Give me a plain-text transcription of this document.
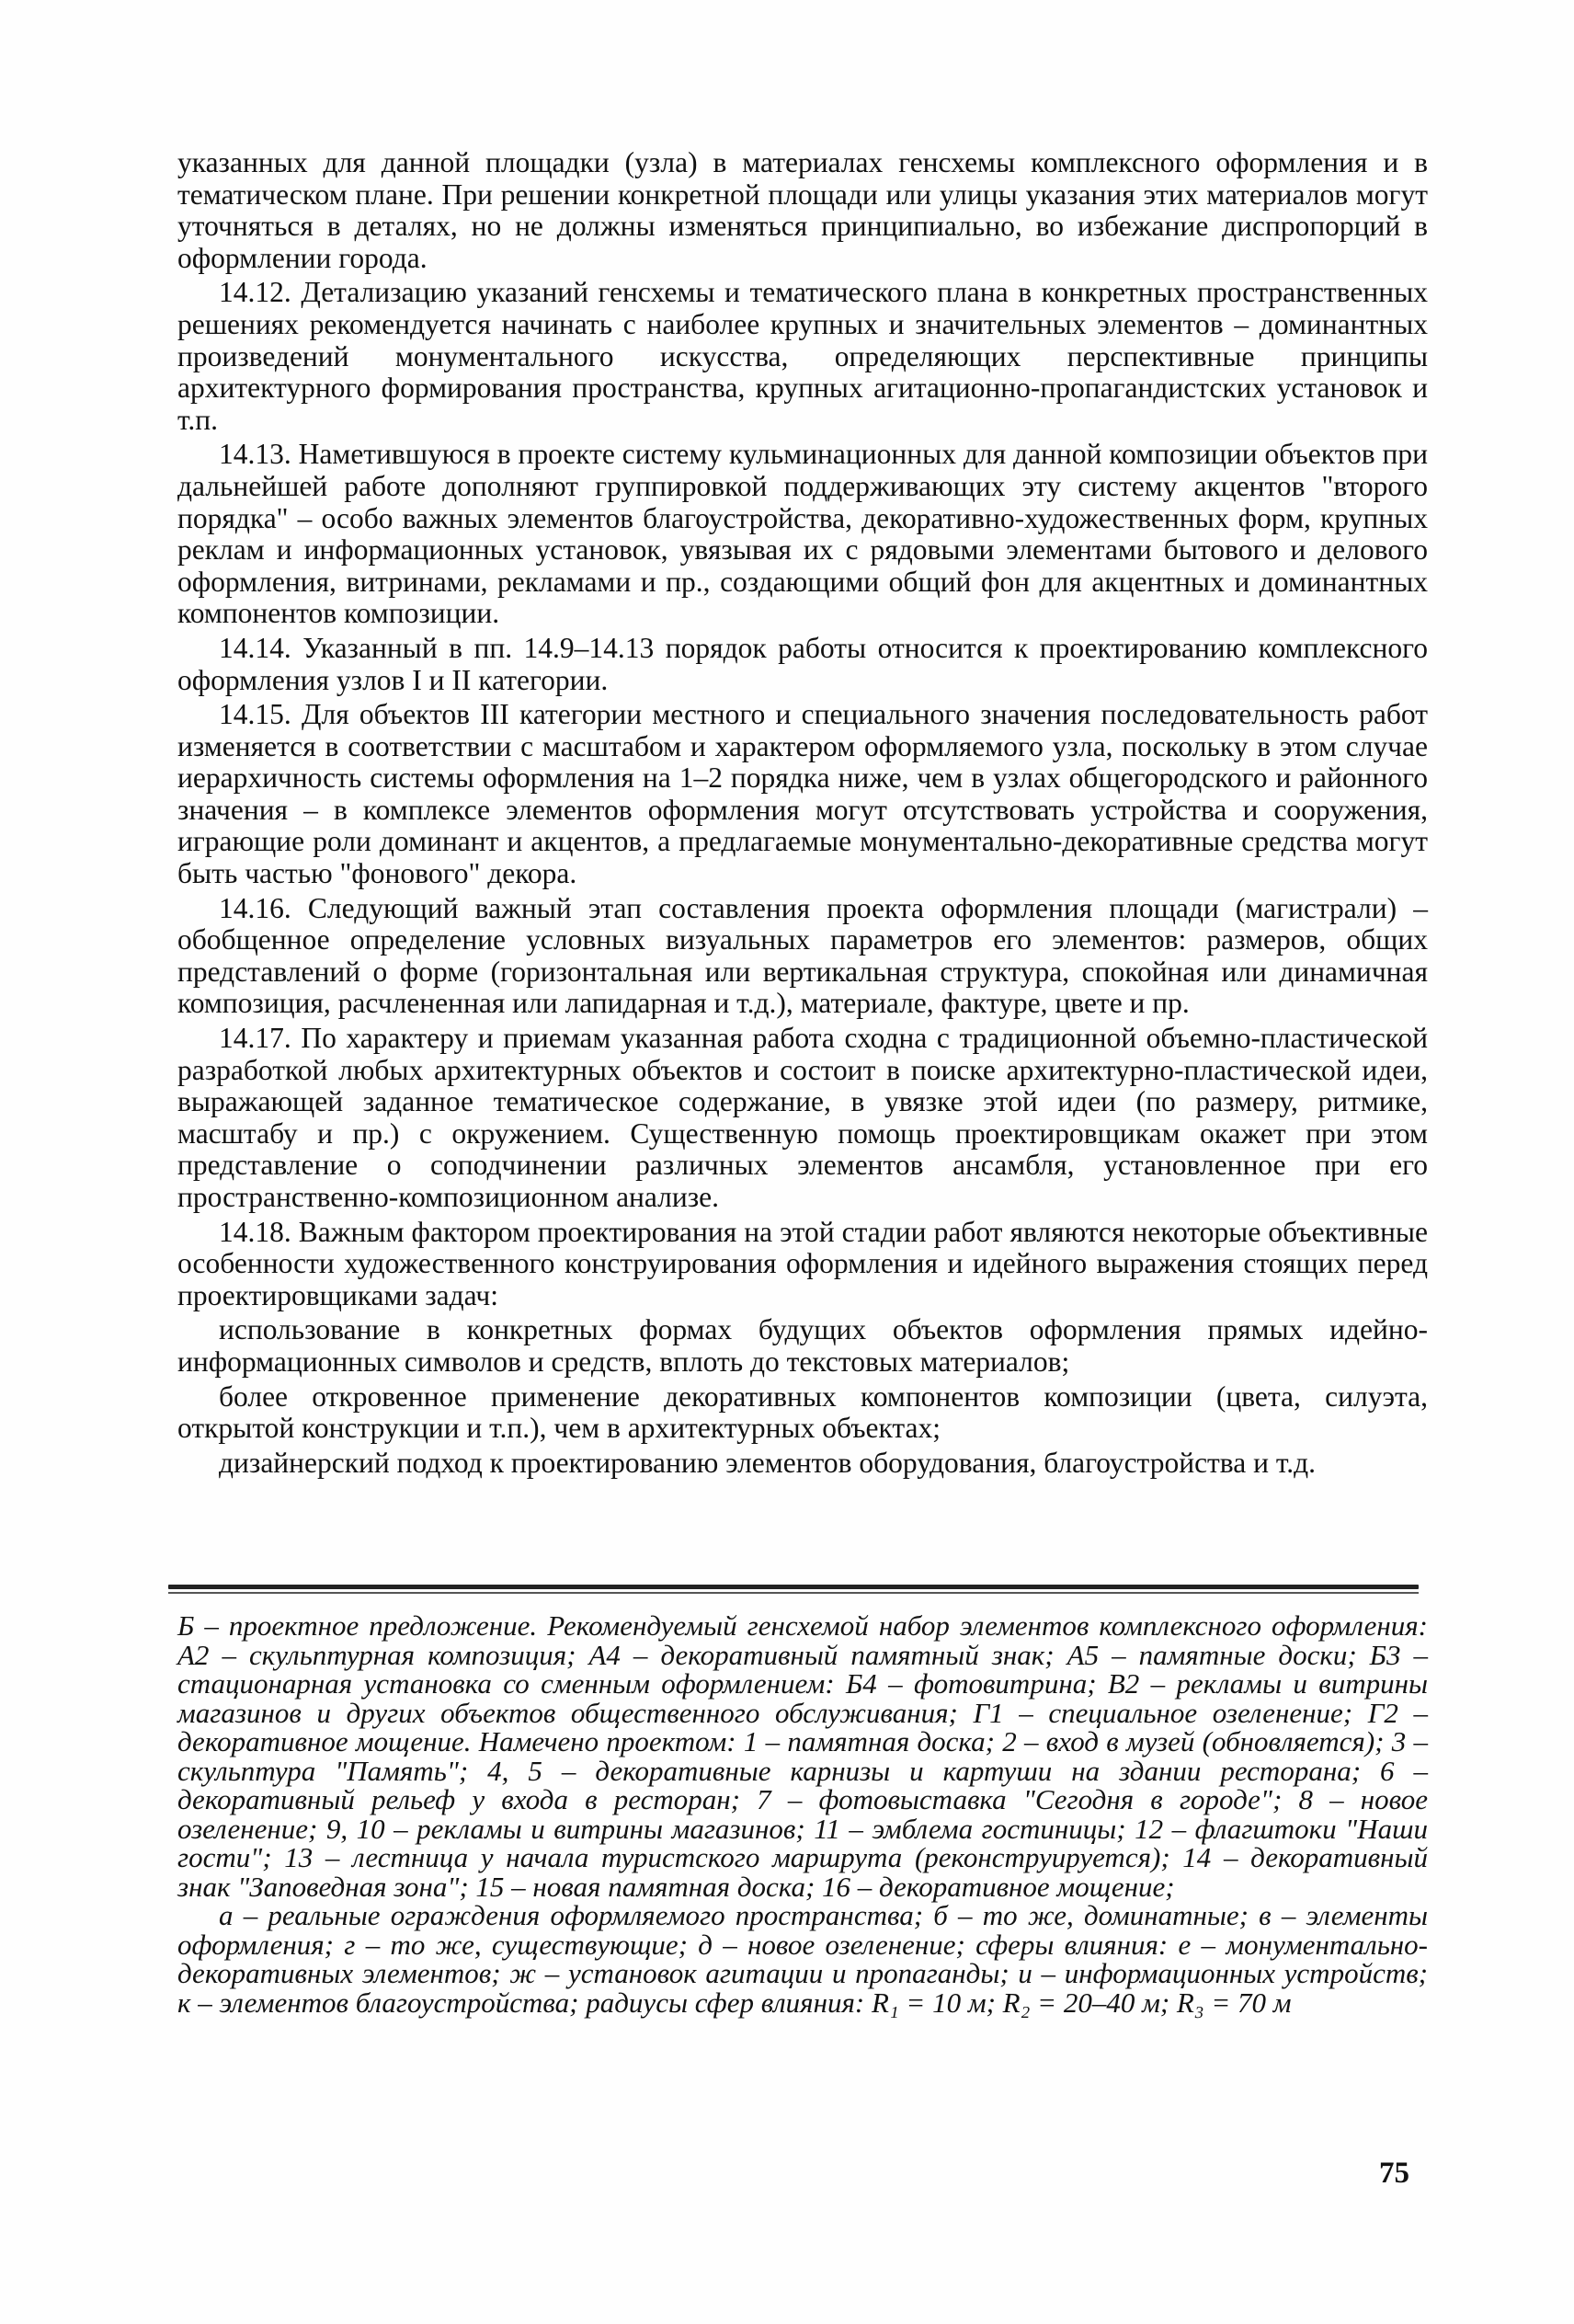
указанных для данной площадки (узла) в материалах генсхемы комплексного оформления и в тематическом плане. При решении конкретной площади или улицы указания этих материалов могут уточняться в деталях, но не должны изменяться принципиально, во избежание диспропорций в оформлении города.

14.12. Детализацию указаний генсхемы и тематического плана в конкретных пространственных решениях рекомендуется начинать с наиболее крупных и значительных элементов – доминантных произведений монументального искусства, определяющих перспективные принципы архитектурного формирования пространства, крупных агитационно-пропагандистских установок и т.п.

14.13. Наметившуюся в проекте систему кульминационных для данной композиции объектов при дальнейшей работе дополняют группировкой поддерживающих эту систему акцентов "второго порядка" – особо важных элементов благоустройства, декоративно-художественных форм, крупных реклам и информационных установок, увязывая их с рядовыми элементами бытового и делового оформления, витринами, рекламами и пр., создающими общий фон для акцентных и доминантных компонентов композиции.

14.14. Указанный в пп. 14.9–14.13 порядок работы относится к проектированию комплексного оформления узлов I и II категории.

14.15. Для объектов III категории местного и специального значения последовательность работ изменяется в соответствии с масштабом и характером оформляемого узла, поскольку в этом случае иерархичность системы оформления на 1–2 порядка ниже, чем в узлах общегородского и районного значения – в комплексе элементов оформления могут отсутствовать устройства и сооружения, играющие роли доминант и акцентов, а предлагаемые монументально-декоративные средства могут быть частью "фонового" декора.

14.16. Следующий важный этап составления проекта оформления площади (магистрали) – обобщенное определение условных визуальных параметров его элементов: размеров, общих представлений о форме (горизонтальная или вертикальная структура, спокойная или динамичная композиция, расчлененная или лапидарная и т.д.), материале, фактуре, цвете и пр.

14.17. По характеру и приемам указанная работа сходна с традиционной объемно-пластической разработкой любых архитектурных объектов и состоит в поиске архитектурно-пластической идеи, выражающей заданное тематическое содержание, в увязке этой идеи (по размеру, ритмике, масштабу и пр.) с окружением. Существенную помощь проектировщикам окажет при этом представление о соподчинении различных элементов ансамбля, установленное при его пространственно-композиционном анализе.

14.18. Важным фактором проектирования на этой стадии работ являются некоторые объективные особенности художественного конструирования оформления и идейного выражения стоящих перед проектировщиками задач:

использование в конкретных формах будущих объектов оформления прямых идейно-информационных символов и средств, вплоть до текстовых материалов;

более откровенное применение декоративных компонентов композиции (цвета, силуэта, открытой конструкции и т.п.), чем в архитектурных объектах;

дизайнерский подход к проектированию элементов оборудования, благоустройства и т.д.

Б – проектное предложение. Рекомендуемый генсхемой набор элементов комплексного оформления: А2 – скульптурная композиция; А4 – декоративный памятный знак; А5 – памятные доски; Б3 – стационарная установка со сменным оформлением: Б4 – фотовитрина; В2 – рекламы и витрины магазинов и других объектов общественного обслуживания; Г1 – специальное озеленение; Г2 – декоративное мощение. Намечено проектом: 1 – памятная доска; 2 – вход в музей (обновляется); 3 – скульптура "Память"; 4, 5 – декоративные карнизы и картуши на здании ресторана; 6 – декоративный рельеф у входа в ресторан; 7 – фотовыставка "Сегодня в городе"; 8 – новое озеленение; 9, 10 – рекламы и витрины магазинов; 11 – эмблема гостиницы; 12 – флагштоки "Наши гости"; 13 – лестница у начала туристского маршрута (реконструируется); 14 – декоративный знак "Заповедная зона"; 15 – новая памятная доска; 16 – декоративное мощение;

а – реальные ограждения оформляемого пространства; б – то же, доминатные; в – элементы оформления; г – то же, существующие; д – новое озеленение; сферы влияния: е – монументально-декоративных элементов; ж – установок агитации и пропаганды; и – информационных устройств; к – элементов благоустройства; радиусы сфер влияния: R₁ = 10 м; R₂ = 20–40 м; R₃ = 70 м

75
